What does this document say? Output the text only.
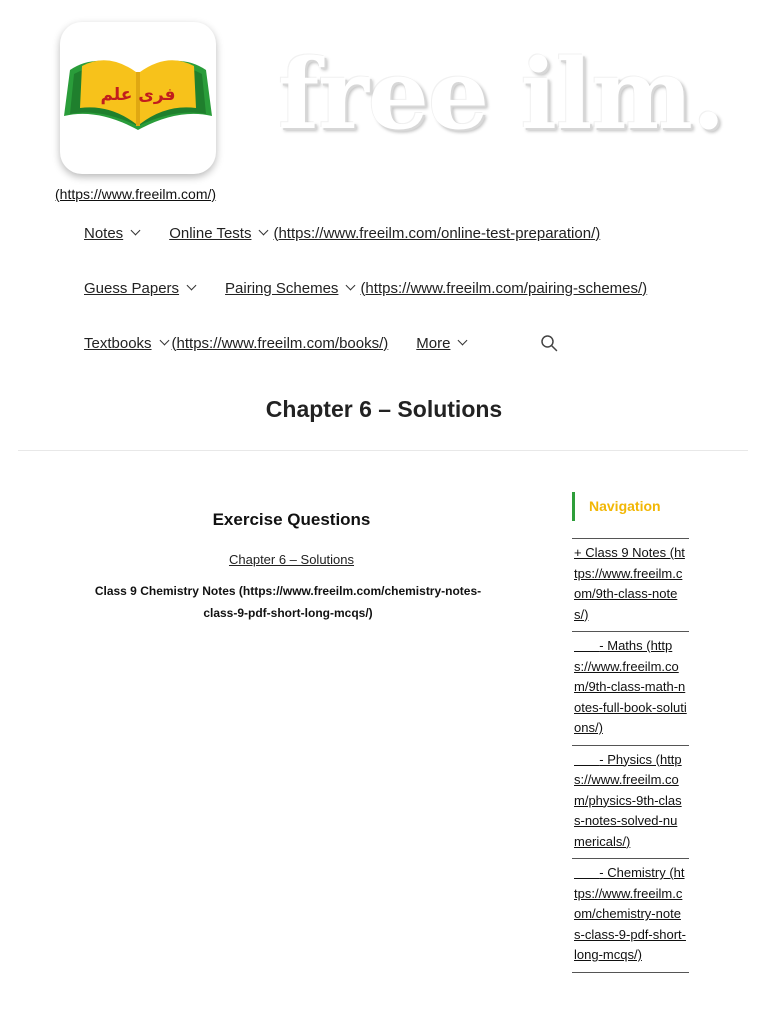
فری علم free ilm.
(https://www.freeilm.com/)
Notes	Online Tests (https://www.freeilm.com/online-test-preparation/)
Guess Papers	Pairing Schemes (https://www.freeilm.com/pairing-schemes/)
Textbooks (https://www.freeilm.com/books/) More
Chapter 6 – Solutions
Exercise Questions
Chapter 6 – Solutions
Class 9 Chemistry Notes (https://www.freeilm.com/chemistry-notes-class-9-pdf-short-long-mcqs/)
Navigation
+ Class 9 Notes (https://www.freeilm.com/9th-class-notes/)
- Maths (https://www.freeilm.com/9th-class-math-notes-full-book-solutions/)
- Physics (https://www.freeilm.com/physics-9th-class-notes-solved-numericals/)
- Chemistry (https://www.freeilm.com/chemistry-notes-class-9-pdf-short-long-mcqs/)
